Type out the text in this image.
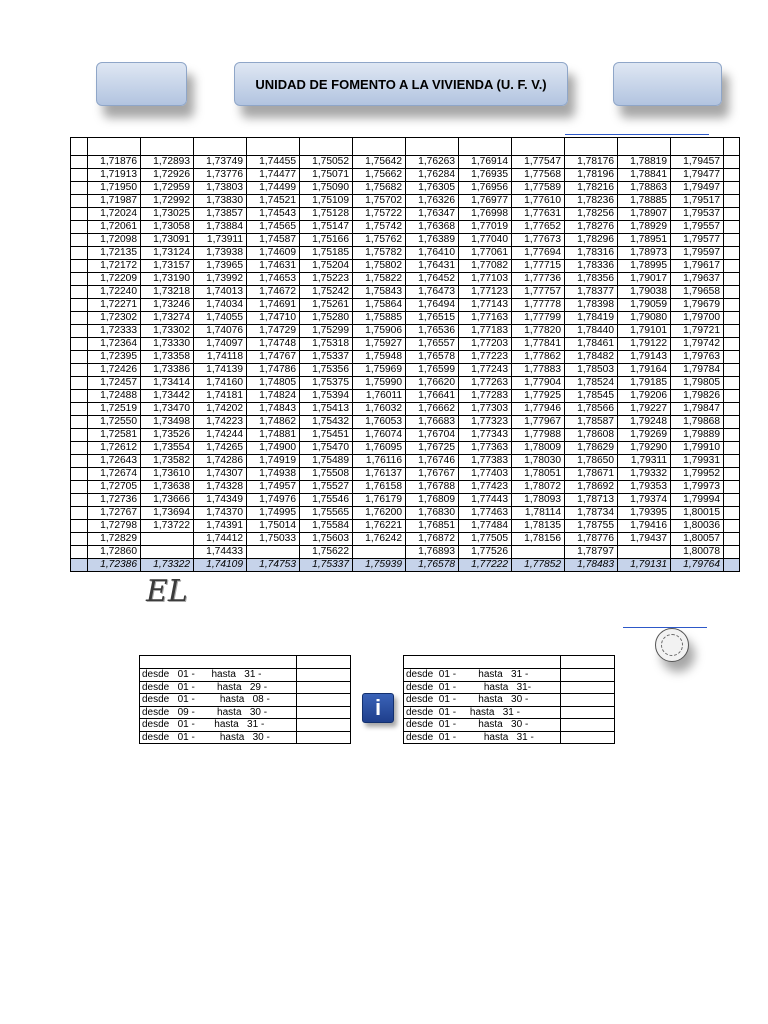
UNIDAD DE FOMENTO A LA VIVIENDA (U. F. V.)

	1,71876	1,72893	1,73749	1,74455	1,75052	1,75642	1,76263	1,76914	1,77547	1,78176	1,78819	1,79457	
	1,71913	1,72926	1,73776	1,74477	1,75071	1,75662	1,76284	1,76935	1,77568	1,78196	1,78841	1,79477	
	1,71950	1,72959	1,73803	1,74499	1,75090	1,75682	1,76305	1,76956	1,77589	1,78216	1,78863	1,79497	
	1,71987	1,72992	1,73830	1,74521	1,75109	1,75702	1,76326	1,76977	1,77610	1,78236	1,78885	1,79517	
	1,72024	1,73025	1,73857	1,74543	1,75128	1,75722	1,76347	1,76998	1,77631	1,78256	1,78907	1,79537	
	1,72061	1,73058	1,73884	1,74565	1,75147	1,75742	1,76368	1,77019	1,77652	1,78276	1,78929	1,79557	
	1,72098	1,73091	1,73911	1,74587	1,75166	1,75762	1,76389	1,77040	1,77673	1,78296	1,78951	1,79577	
	1,72135	1,73124	1,73938	1,74609	1,75185	1,75782	1,76410	1,77061	1,77694	1,78316	1,78973	1,79597	
	1,72172	1,73157	1,73965	1,74631	1,75204	1,75802	1,76431	1,77082	1,77715	1,78336	1,78995	1,79617	
	1,72209	1,73190	1,73992	1,74653	1,75223	1,75822	1,76452	1,77103	1,77736	1,78356	1,79017	1,79637	
	1,72240	1,73218	1,74013	1,74672	1,75242	1,75843	1,76473	1,77123	1,77757	1,78377	1,79038	1,79658	
	1,72271	1,73246	1,74034	1,74691	1,75261	1,75864	1,76494	1,77143	1,77778	1,78398	1,79059	1,79679	
	1,72302	1,73274	1,74055	1,74710	1,75280	1,75885	1,76515	1,77163	1,77799	1,78419	1,79080	1,79700	
	1,72333	1,73302	1,74076	1,74729	1,75299	1,75906	1,76536	1,77183	1,77820	1,78440	1,79101	1,79721	
	1,72364	1,73330	1,74097	1,74748	1,75318	1,75927	1,76557	1,77203	1,77841	1,78461	1,79122	1,79742	
	1,72395	1,73358	1,74118	1,74767	1,75337	1,75948	1,76578	1,77223	1,77862	1,78482	1,79143	1,79763	
	1,72426	1,73386	1,74139	1,74786	1,75356	1,75969	1,76599	1,77243	1,77883	1,78503	1,79164	1,79784	
	1,72457	1,73414	1,74160	1,74805	1,75375	1,75990	1,76620	1,77263	1,77904	1,78524	1,79185	1,79805	
	1,72488	1,73442	1,74181	1,74824	1,75394	1,76011	1,76641	1,77283	1,77925	1,78545	1,79206	1,79826	
	1,72519	1,73470	1,74202	1,74843	1,75413	1,76032	1,76662	1,77303	1,77946	1,78566	1,79227	1,79847	
	1,72550	1,73498	1,74223	1,74862	1,75432	1,76053	1,76683	1,77323	1,77967	1,78587	1,79248	1,79868	
	1,72581	1,73526	1,74244	1,74881	1,75451	1,76074	1,76704	1,77343	1,77988	1,78608	1,79269	1,79889	
	1,72612	1,73554	1,74265	1,74900	1,75470	1,76095	1,76725	1,77363	1,78009	1,78629	1,79290	1,79910	
	1,72643	1,73582	1,74286	1,74919	1,75489	1,76116	1,76746	1,77383	1,78030	1,78650	1,79311	1,79931	
	1,72674	1,73610	1,74307	1,74938	1,75508	1,76137	1,76767	1,77403	1,78051	1,78671	1,79332	1,79952	
	1,72705	1,73638	1,74328	1,74957	1,75527	1,76158	1,76788	1,77423	1,78072	1,78692	1,79353	1,79973	
	1,72736	1,73666	1,74349	1,74976	1,75546	1,76179	1,76809	1,77443	1,78093	1,78713	1,79374	1,79994	
	1,72767	1,73694	1,74370	1,74995	1,75565	1,76200	1,76830	1,77463	1,78114	1,78734	1,79395	1,80015	
	1,72798	1,73722	1,74391	1,75014	1,75584	1,76221	1,76851	1,77484	1,78135	1,78755	1,79416	1,80036	
	1,72829		1,74412	1,75033	1,75603	1,76242	1,76872	1,77505	1,78156	1,78776	1,79437	1,80057	
	1,72860		1,74433		1,75622		1,76893	1,77526		1,78797		1,80078	
	1,72386	1,73322	1,74109	1,74753	1,75337	1,75939	1,76578	1,77222	1,77852	1,78483	1,79131	1,79764	
EL

desde   01 -      hasta   31 -	
desde   01 -        hasta   29 -	
desde   01 -         hasta   08 -	
desde   09 -        hasta   30 -	
desde   01 -       hasta   31 -	
desde   01 -         hasta   30 -	
i

desde  01 -        hasta   31 -	
desde  01 -          hasta   31-	
desde  01 -        hasta   30 -	
desde  01 -     hasta   31 -	
desde  01 -        hasta   30 -	
desde  01 -          hasta   31 -	
